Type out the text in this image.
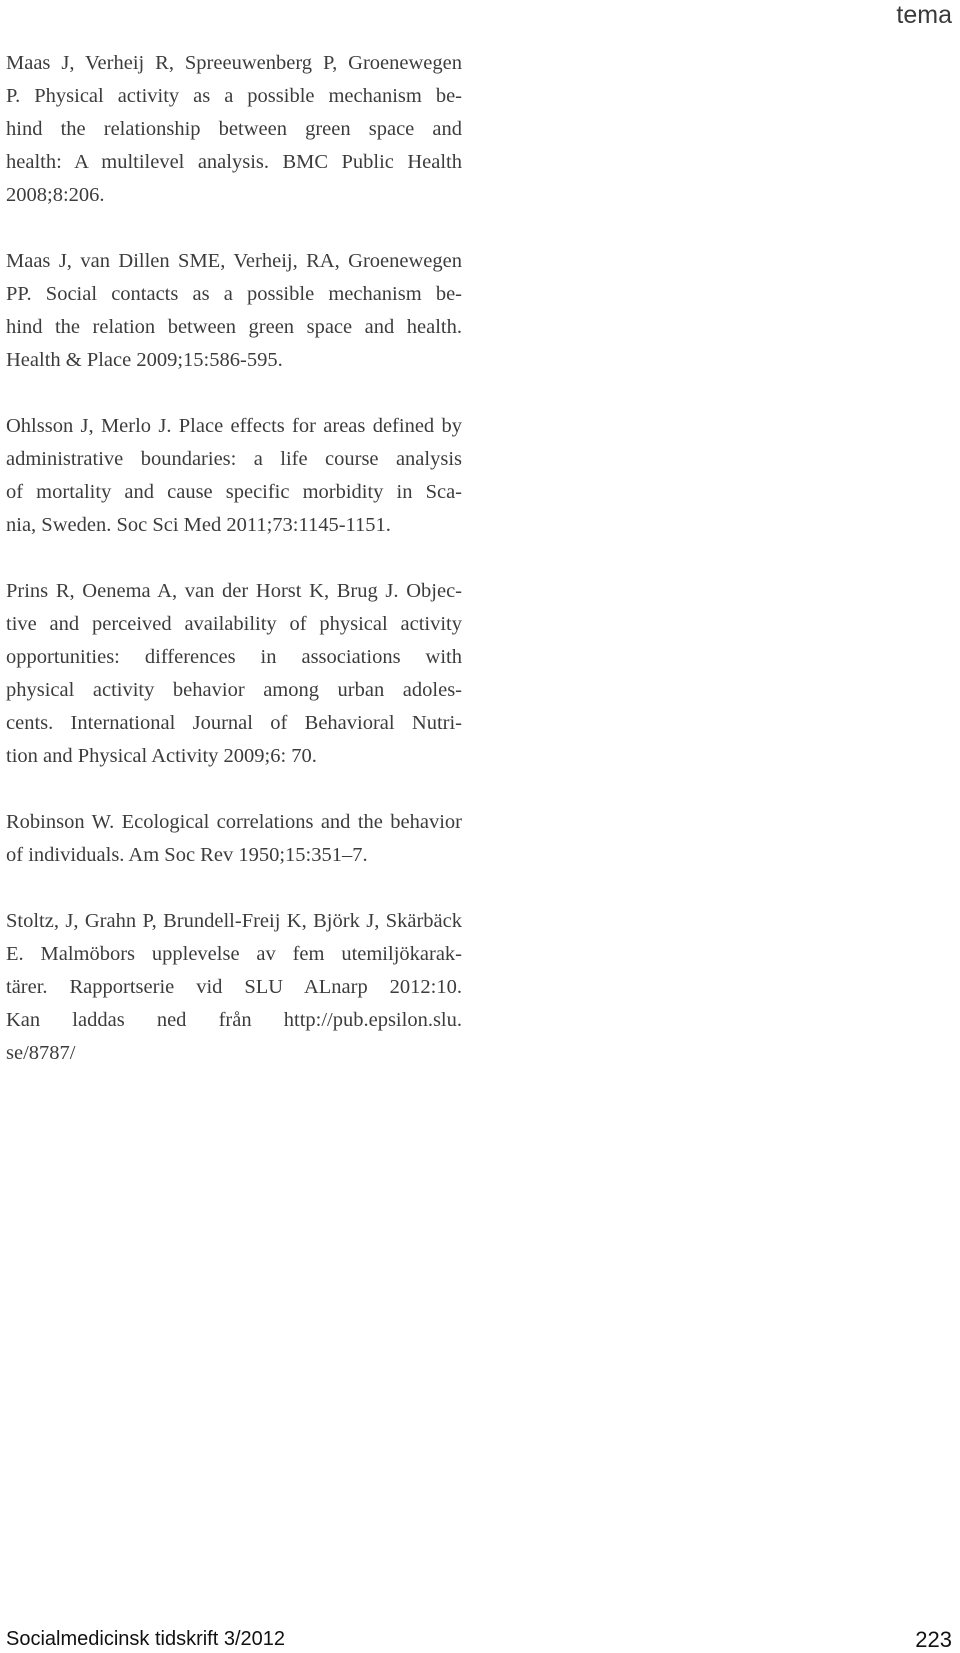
tema
Maas J, Verheij R, Spreeuwenberg P, Groenewegen
P. Physical activity as a possible mechanism be-
hind the relationship between green space and
health: A multilevel analysis. BMC Public Health
2008;8:206.
Maas J, van Dillen SME, Verheij, RA, Groenewegen
PP. Social contacts as a possible mechanism be-
hind the relation between green space and health.
Health & Place 2009;15:586-595.
Ohlsson J, Merlo J. Place effects for areas defined by
administrative boundaries: a life course analysis
of mortality and cause specific morbidity in Sca-
nia, Sweden. Soc Sci Med 2011;73:1145-1151.
Prins R, Oenema A, van der Horst K, Brug J. Objec-
tive and perceived availability of physical activity
opportunities: differences in associations with
physical activity behavior among urban adoles-
cents. International Journal of Behavioral Nutri-
tion and Physical Activity 2009;6: 70.
Robinson W. Ecological correlations and the behavior
of individuals. Am Soc Rev 1950;15:351–7.
Stoltz, J, Grahn P, Brundell-Freij K, Björk J, Skärbäck
E. Malmöbors upplevelse av fem utemiljökarak-
tärer. Rapportserie vid SLU ALnarp 2012:10.
Kan laddas ned från http://pub.epsilon.slu.
se/8787/
Socialmedicinsk tidskrift 3/2012	223
